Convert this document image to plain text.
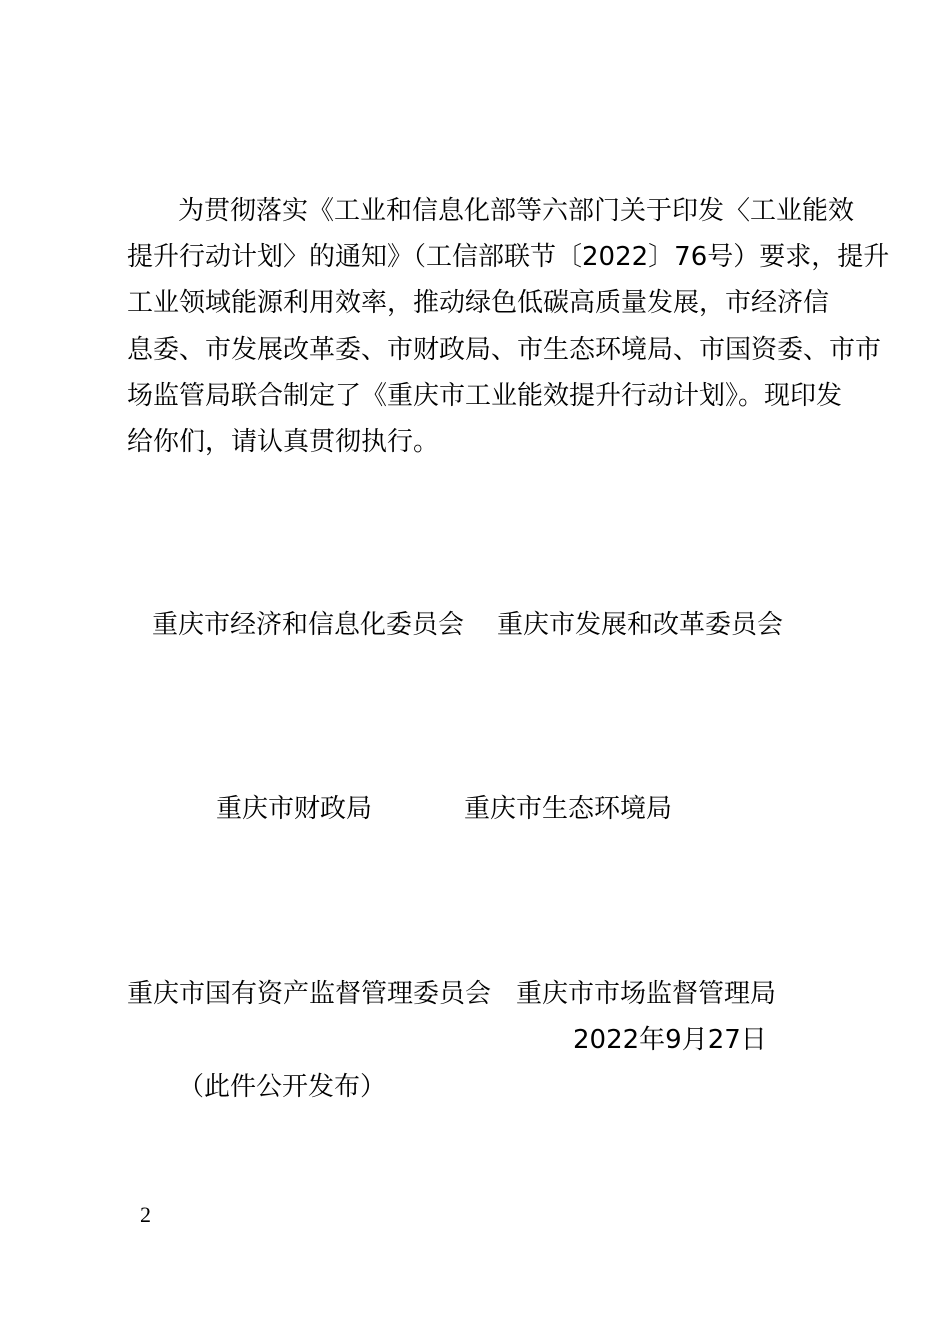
为贯彻落实《工业和信息化部等六部门关于印发〈工业能效

提升行动计划〉的通知》（工信部联节〔2022〕76号）要求，提升

工业领域能源利用效率，推动绿色低碳高质量发展，市经济信

息委、市发展改革委、市财政局、市生态环境局、市国资委、市市

场监管局联合制定了《重庆市工业能效提升行动计划》。现印发

给你们，请认真贯彻执行。

重庆市经济和信息化委员会 重庆市发展和改革委员会
重庆市财政局	重庆市生态环境局
重庆市国有资产监督管理委员会 重庆市市场监督管理局
2022年9月27日
（此件公开发布）
2
